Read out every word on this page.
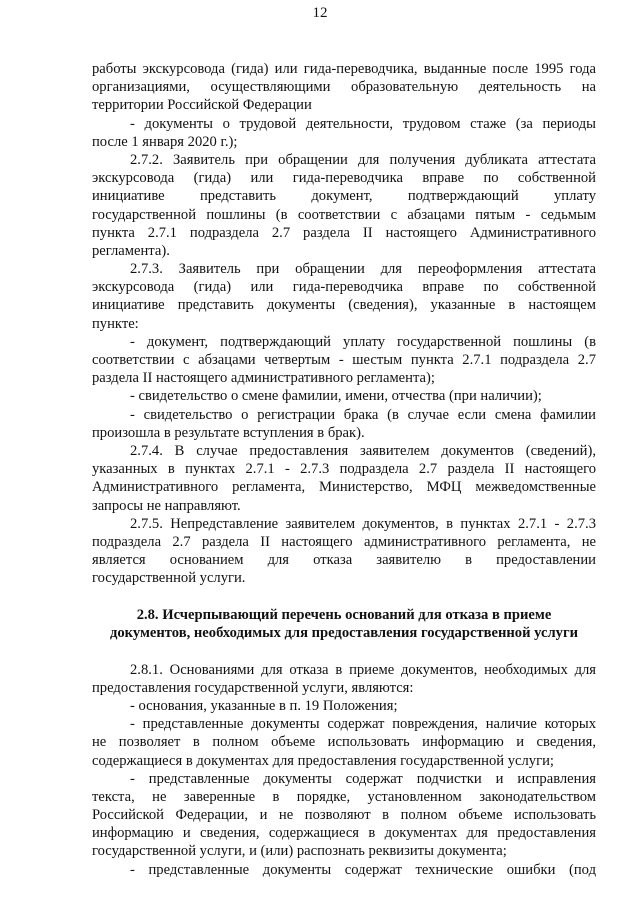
12
работы экскурсовода (гида) или гида-переводчика, выданные после 1995 года
организациями, осуществляющими образовательную деятельность на
территории Российской Федерации
- документы о трудовой деятельности, трудовом стаже (за периоды
после 1 января 2020 г.);
2.7.2. Заявитель при обращении для получения дубликата аттестата
экскурсовода (гида) или гида-переводчика вправе по собственной
инициативе представить документ, подтверждающий уплату
государственной пошлины (в соответствии с абзацами пятым - седьмым
пункта 2.7.1 подраздела 2.7 раздела II настоящего Административного
регламента).
2.7.3. Заявитель при обращении для переоформления аттестата
экскурсовода (гида) или гида-переводчика вправе по собственной
инициативе представить документы (сведения), указанные в настоящем
пункте:
- документ, подтверждающий уплату государственной пошлины (в
соответствии с абзацами четвертым - шестым пункта 2.7.1 подраздела 2.7
раздела II настоящего административного регламента);
- свидетельство о смене фамилии, имени, отчества (при наличии);
- свидетельство о регистрации брака (в случае если смена фамилии
произошла в результате вступления в брак).
2.7.4. В случае предоставления заявителем документов (сведений),
указанных в пунктах 2.7.1 - 2.7.3 подраздела 2.7 раздела II настоящего
Административного регламента, Министерство, МФЦ межведомственные
запросы не направляют.
2.7.5. Непредставление заявителем документов, в пунктах 2.7.1 - 2.7.3
подраздела 2.7 раздела II настоящего административного регламента, не
является основанием для отказа заявителю в предоставлении
государственной услуги.
2.8. Исчерпывающий перечень оснований для отказа в приеме
документов, необходимых для предоставления государственной услуги
2.8.1. Основаниями для отказа в приеме документов, необходимых для
предоставления государственной услуги, являются:
- основания, указанные в п. 19 Положения;
- представленные документы содержат повреждения, наличие которых
не позволяет в полном объеме использовать информацию и сведения,
содержащиеся в документах для предоставления государственной услуги;
- представленные документы содержат подчистки и исправления
текста, не заверенные в порядке, установленном законодательством
Российской Федерации, и не позволяют в полном объеме использовать
информацию и сведения, содержащиеся в документах для предоставления
государственной услуги, и (или) распознать реквизиты документа;
- представленные документы содержат технические ошибки (под
